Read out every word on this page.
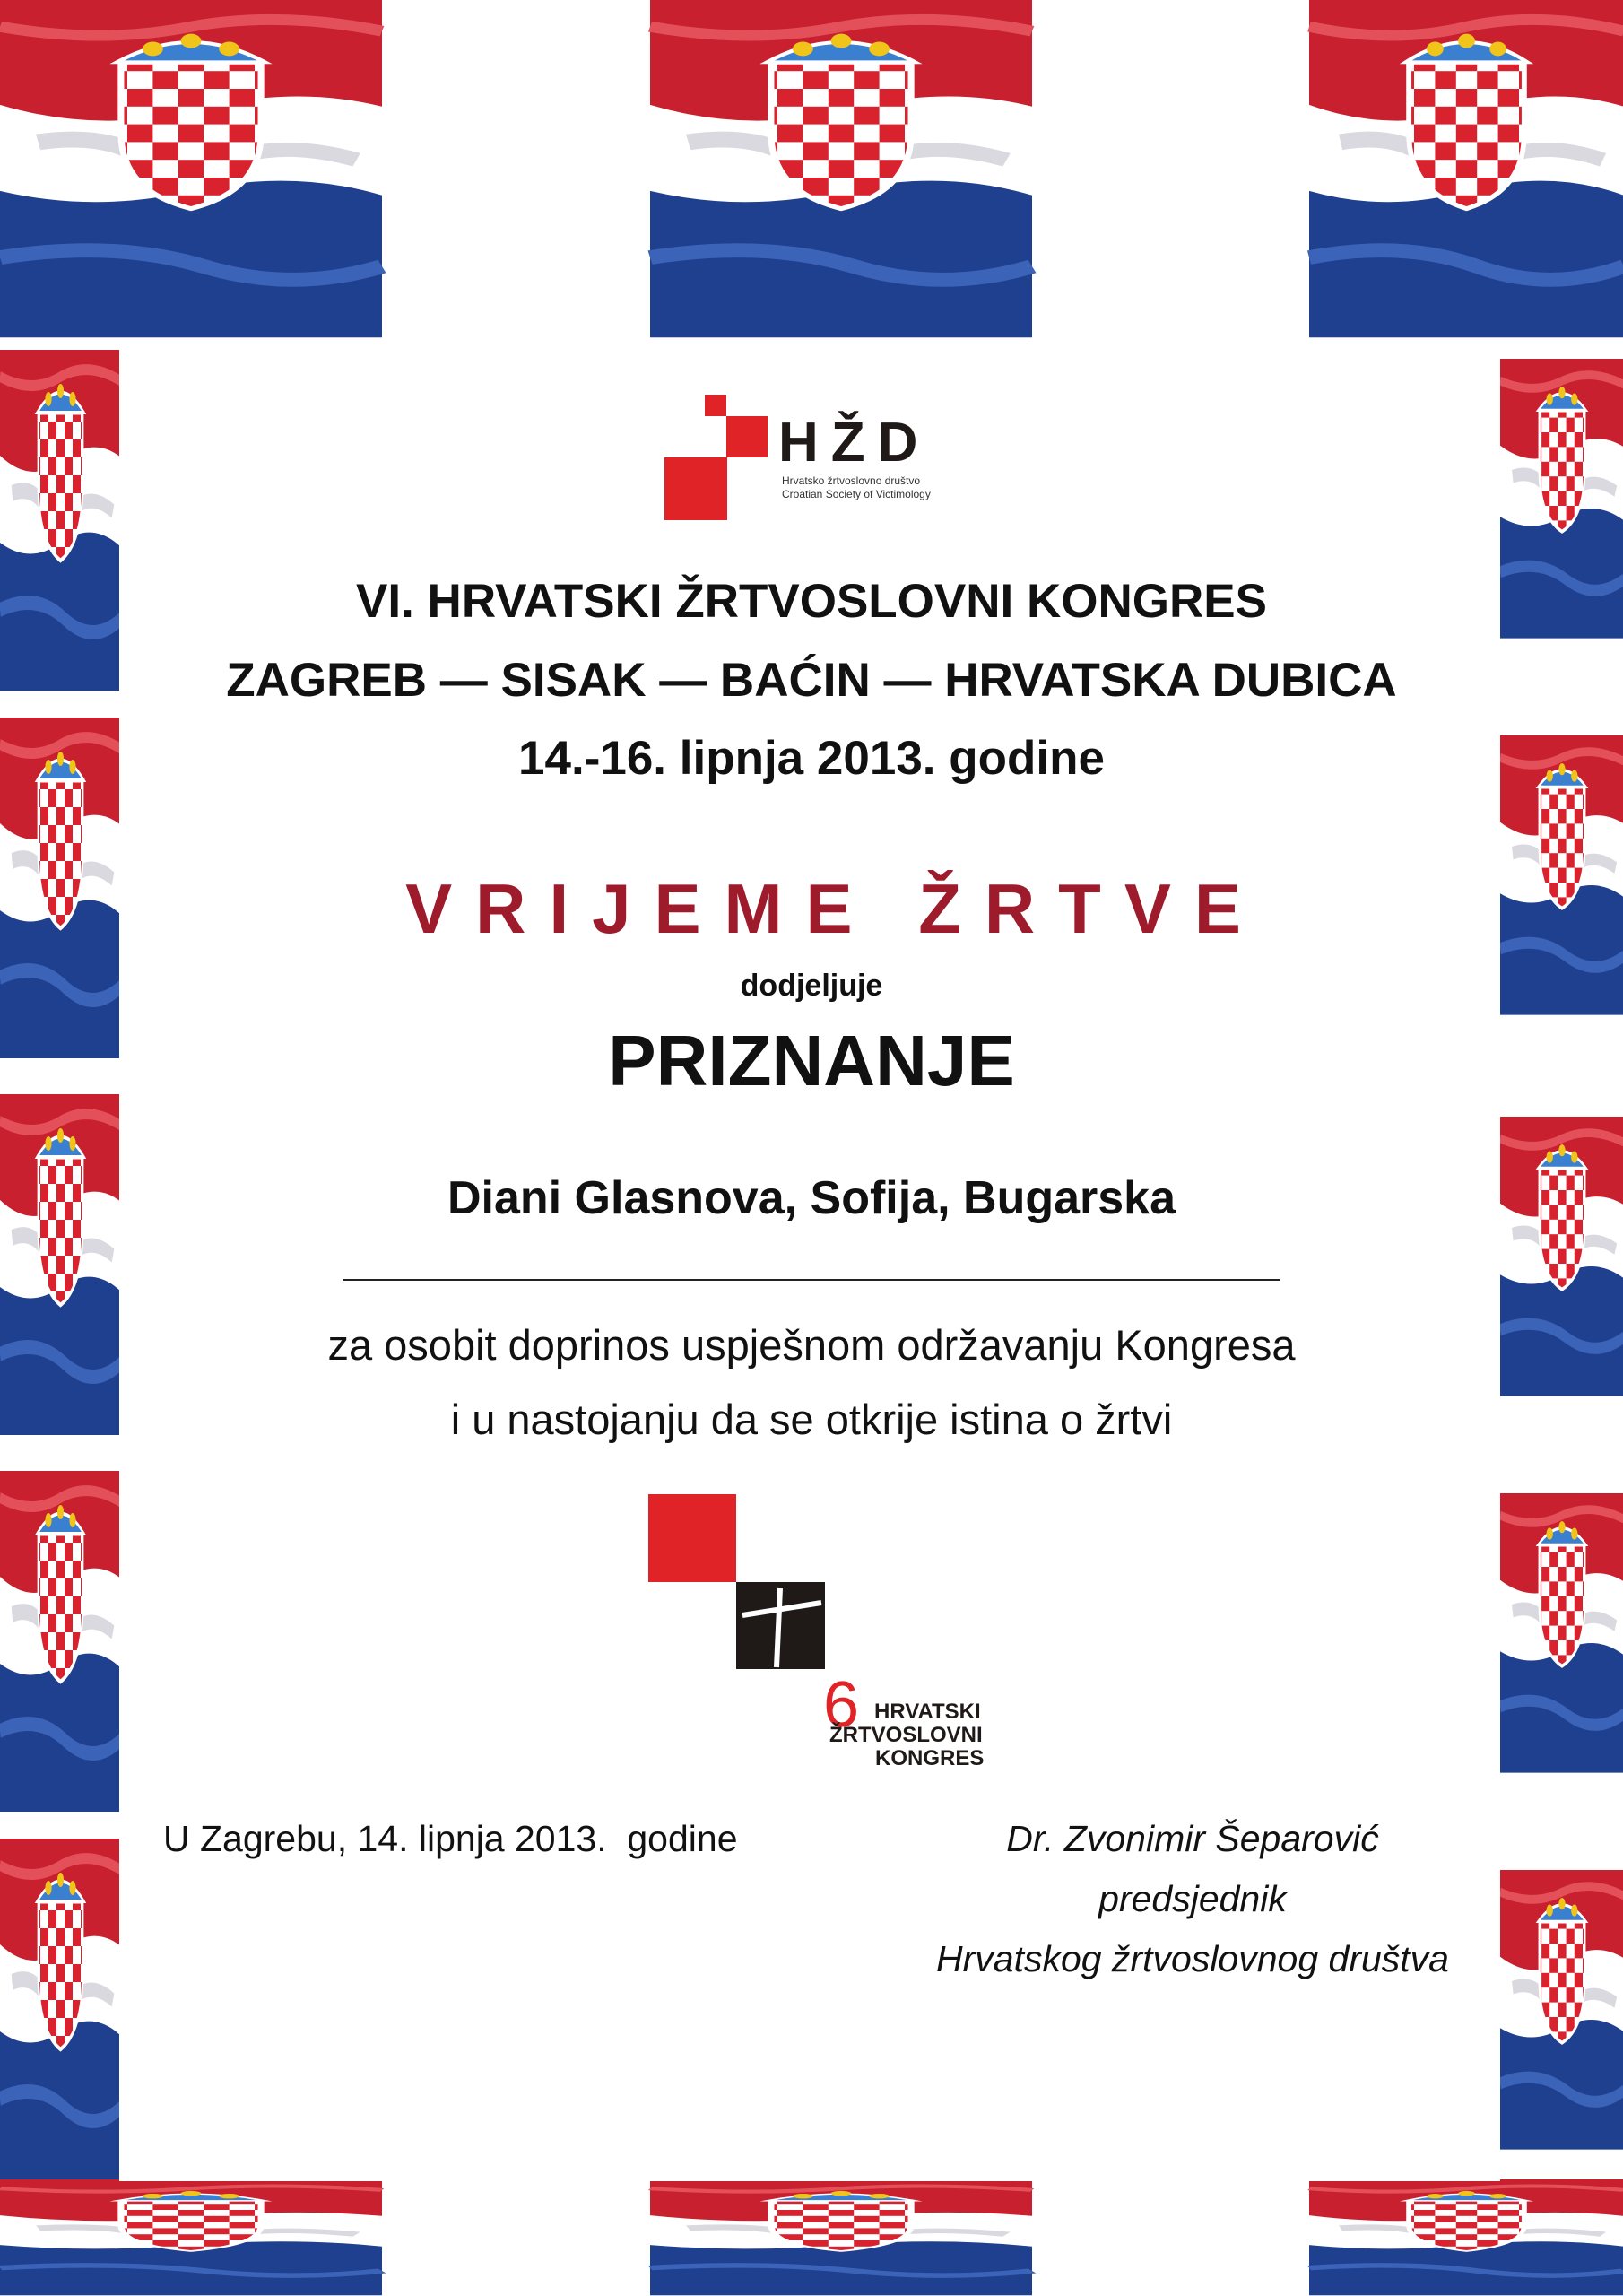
HŽD
Hrvatsko žrtvoslovno društvo
Croatian Society of Victimology
VI. HRVATSKI ŽRTVOSLOVNI KONGRES
ZAGREB — SISAK — BAĆIN — HRVATSKA DUBICA
14.-16. lipnja 2013. godine
VRIJEME ŽRTVE
dodjeljuje
PRIZNANJE
Diani Glasnova, Sofija, Bugarska
za osobit doprinos uspješnom održavanju Kongresa
i u nastojanju da se otkrije istina o žrtvi
6 HRVATSKI
ŽRTVOSLOVNI
KONGRES
U Zagrebu, 14. lipnja 2013.  godine	Dr. Zvonimir Šeparović
predsjednik
Hrvatskog žrtvoslovnog društva
